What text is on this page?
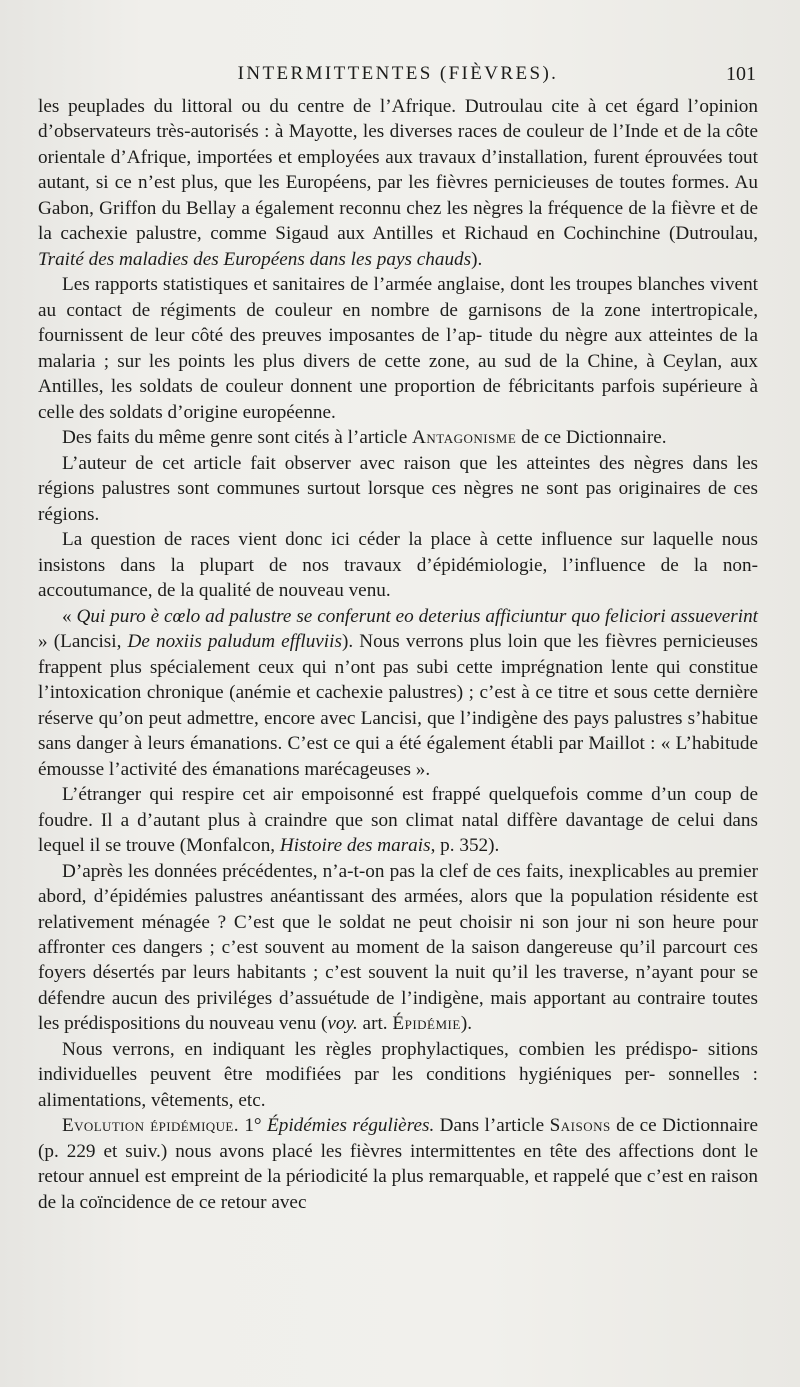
INTERMITTENTES (FIÈVRES).	101

les peuplades du littoral ou du centre de l’Afrique. Dutroulau cite à cet égard l’opinion d’observateurs très-autorisés : à Mayotte, les diverses races de couleur de l’Inde et de la côte orientale d’Afrique, importées et employées aux travaux d’installation, furent éprouvées tout autant, si ce n’est plus, que les Européens, par les fièvres pernicieuses de toutes formes. Au Gabon, Griffon du Bellay a également reconnu chez les nègres la fréquence de la fièvre et de la cachexie palustre, comme Sigaud aux Antilles et Richaud en Cochinchine (Dutroulau, Traité des maladies des Européens dans les pays chauds).

Les rapports statistiques et sanitaires de l’armée anglaise, dont les troupes blanches vivent au contact de régiments de couleur en nombre de garnisons de la zone intertropicale, fournissent de leur côté des preuves imposantes de l’ap- titude du nègre aux atteintes de la malaria ; sur les points les plus divers de cette zone, au sud de la Chine, à Ceylan, aux Antilles, les soldats de couleur donnent une proportion de fébricitants parfois supérieure à celle des soldats d’origine européenne.

Des faits du même genre sont cités à l’article Antagonisme de ce Dictionnaire.

L’auteur de cet article fait observer avec raison que les atteintes des nègres dans les régions palustres sont communes surtout lorsque ces nègres ne sont pas originaires de ces régions.

La question de races vient donc ici céder la place à cette influence sur laquelle nous insistons dans la plupart de nos travaux d’épidémiologie, l’influence de la non-accoutumance, de la qualité de nouveau venu.

« Qui puro è cœlo ad palustre se conferunt eo deterius afficiuntur quo feliciori assueverint » (Lancisi, De noxiis paludum effluviis). Nous verrons plus loin que les fièvres pernicieuses frappent plus spécialement ceux qui n’ont pas subi cette imprégnation lente qui constitue l’intoxication chronique (anémie et cachexie palustres) ; c’est à ce titre et sous cette dernière réserve qu’on peut admettre, encore avec Lancisi, que l’indigène des pays palustres s’habitue sans danger à leurs émanations. C’est ce qui a été également établi par Maillot : « L’habitude émousse l’activité des émanations marécageuses ».

L’étranger qui respire cet air empoisonné est frappé quelquefois comme d’un coup de foudre. Il a d’autant plus à craindre que son climat natal diffère davantage de celui dans lequel il se trouve (Monfalcon, Histoire des marais, p. 352).

D’après les données précédentes, n’a-t-on pas la clef de ces faits, inexplicables au premier abord, d’épidémies palustres anéantissant des armées, alors que la population résidente est relativement ménagée ? C’est que le soldat ne peut choisir ni son jour ni son heure pour affronter ces dangers ; c’est souvent au moment de la saison dangereuse qu’il parcourt ces foyers désertés par leurs habitants ; c’est souvent la nuit qu’il les traverse, n’ayant pour se défendre aucun des priviléges d’assuétude de l’indigène, mais apportant au contraire toutes les prédispositions du nouveau venu (voy. art. Épidémie).

Nous verrons, en indiquant les règles prophylactiques, combien les prédispo- sitions individuelles peuvent être modifiées par les conditions hygiéniques per- sonnelles : alimentations, vêtements, etc.

Evolution épidémique. 1° Épidémies régulières. Dans l’article Saisons de ce Dictionnaire (p. 229 et suiv.) nous avons placé les fièvres intermittentes en tête des affections dont le retour annuel est empreint de la périodicité la plus remarquable, et rappelé que c’est en raison de la coïncidence de ce retour avec
